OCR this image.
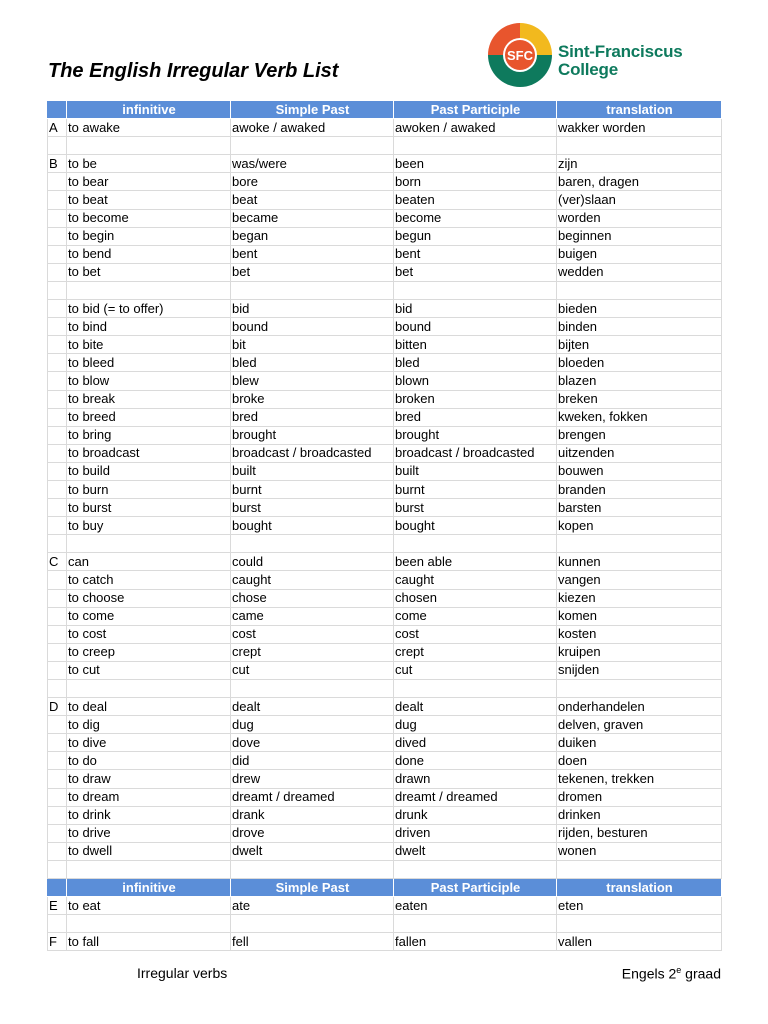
The English Irregular Verb List
SFC Sint-Franciscus
College
	infinitive	Simple Past	Past Participle	translation
A	to awake	awoke / awaked	awoken / awaked	wakker worden

B	to be	was/were	been	zijn
	to bear	bore	born	baren, dragen
	to beat	beat	beaten	(ver)slaan
	to become	became	become	worden
	to begin	began	begun	beginnen
	to bend	bent	bent	buigen
	to bet	bet	bet	wedden

	to bid (= to offer)	bid	bid	bieden
	to bind	bound	bound	binden
	to bite	bit	bitten	bijten
	to bleed	bled	bled	bloeden
	to blow	blew	blown	blazen
	to break	broke	broken	breken
	to breed	bred	bred	kweken, fokken
	to bring	brought	brought	brengen
	to broadcast	broadcast / broadcasted	broadcast / broadcasted	uitzenden
	to build	built	built	bouwen
	to burn	burnt	burnt	branden
	to burst	burst	burst	barsten
	to buy	bought	bought	kopen

C	can	could	been able	kunnen
	to catch	caught	caught	vangen
	to choose	chose	chosen	kiezen
	to come	came	come	komen
	to cost	cost	cost	kosten
	to creep	crept	crept	kruipen
	to cut	cut	cut	snijden

D	to deal	dealt	dealt	onderhandelen
	to dig	dug	dug	delven, graven
	to dive	dove	dived	duiken
	to do	did	done	doen
	to draw	drew	drawn	tekenen, trekken
	to dream	dreamt / dreamed	dreamt / dreamed	dromen
	to drink	drank	drunk	drinken
	to drive	drove	driven	rijden, besturen
	to dwell	dwelt	dwelt	wonen

	infinitive	Simple Past	Past Participle	translation
E	to eat	ate	eaten	eten

F	to fall	fell	fallen	vallen
Irregular verbs	Engels 2e graad
